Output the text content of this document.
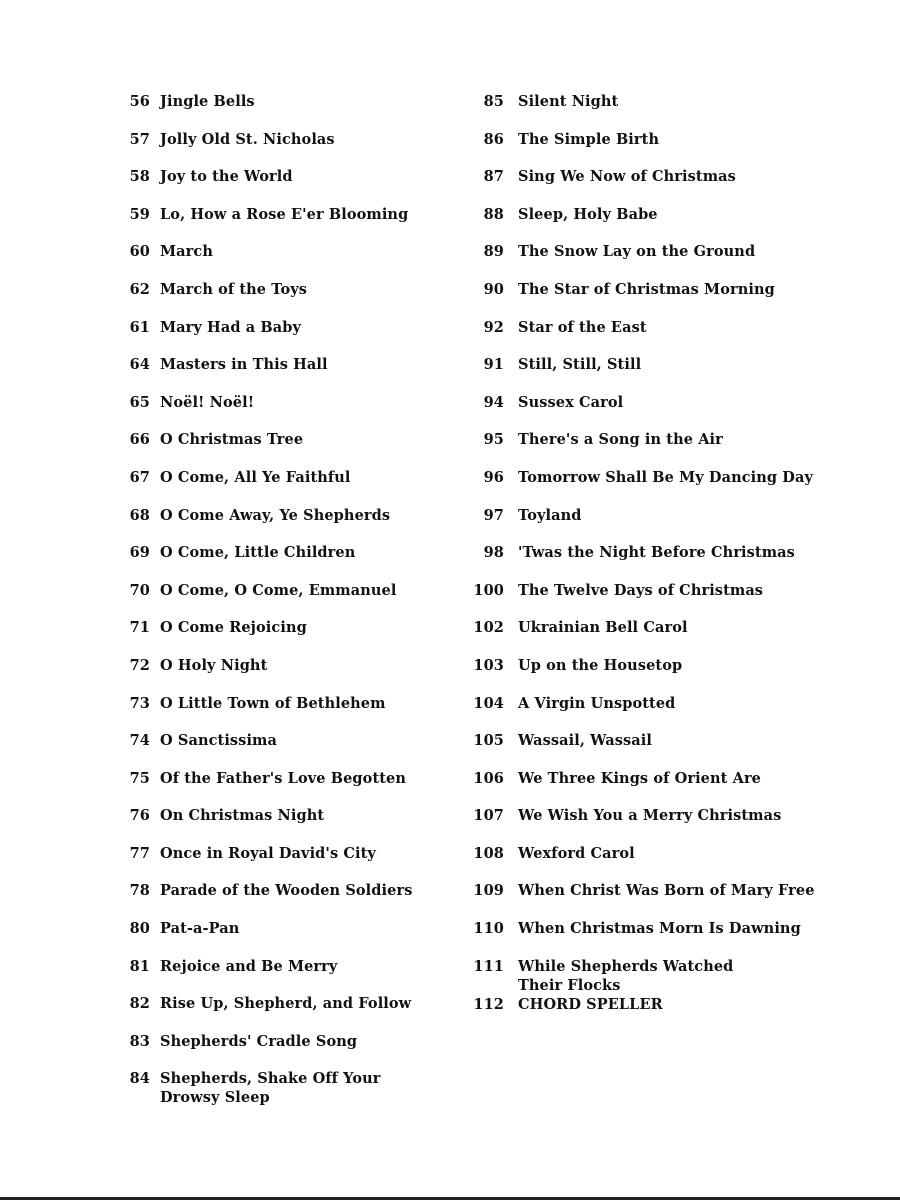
56 Jingle Bells
57 Jolly Old St. Nicholas
58 Joy to the World
59 Lo, How a Rose E'er Blooming
60 March
62 March of the Toys
61 Mary Had a Baby
64 Masters in This Hall
65 Noël! Noël!
66 O Christmas Tree
67 O Come, All Ye Faithful
68 O Come Away, Ye Shepherds
69 O Come, Little Children
70 O Come, O Come, Emmanuel
71 O Come Rejoicing
72 O Holy Night
73 O Little Town of Bethlehem
74 O Sanctissima
75 Of the Father's Love Begotten
76 On Christmas Night
77 Once in Royal David's City
78 Parade of the Wooden Soldiers
80 Pat-a-Pan
81 Rejoice and Be Merry
82 Rise Up, Shepherd, and Follow
83 Shepherds' Cradle Song
84 Shepherds, Shake Off Your
Drowsy Sleep
85 Silent Night
86 The Simple Birth
87 Sing We Now of Christmas
88 Sleep, Holy Babe
89 The Snow Lay on the Ground
90 The Star of Christmas Morning
92 Star of the East
91 Still, Still, Still
94 Sussex Carol
95 There's a Song in the Air
96 Tomorrow Shall Be My Dancing Day
97 Toyland
98 'Twas the Night Before Christmas
100 The Twelve Days of Christmas
102 Ukrainian Bell Carol
103 Up on the Housetop
104 A Virgin Unspotted
105 Wassail, Wassail
106 We Three Kings of Orient Are
107 We Wish You a Merry Christmas
108 Wexford Carol
109 When Christ Was Born of Mary Free
110 When Christmas Morn Is Dawning
111 While Shepherds Watched
Their Flocks
112 CHORD SPELLER
